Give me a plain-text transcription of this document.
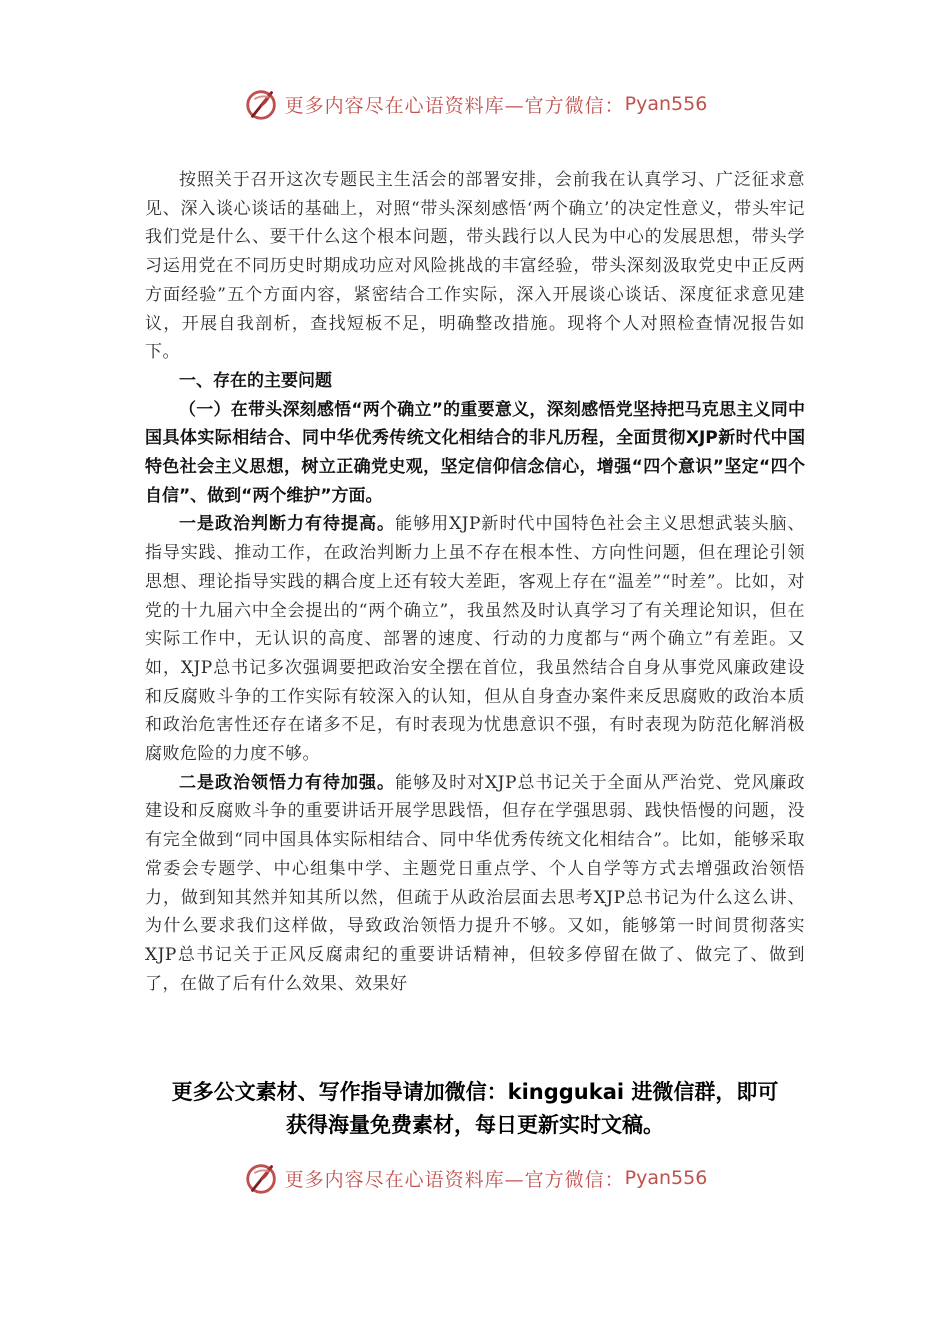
更多内容尽在心语资料库—官方微信： Pyan556

按照关于召开这次专题民主生活会的部署安排，会前我在认真学习、广泛征求意见、深入谈心谈话的基础上，对照“带头深刻感悟‘两个确立’的决定性意义，带头牢记我们党是什么、要干什么这个根本问题，带头践行以人民为中心的发展思想，带头学习运用党在不同历史时期成功应对风险挑战的丰富经验，带头深刻汲取党史中正反两方面经验”五个方面内容，紧密结合工作实际，深入开展谈心谈话、深度征求意见建议，开展自我剖析，查找短板不足，明确整改措施。现将个人对照检查情况报告如下。

一、存在的主要问题

（一）在带头深刻感悟“两个确立”的重要意义，深刻感悟党坚持把马克思主义同中国具体实际相结合、同中华优秀传统文化相结合的非凡历程，全面贯彻XJP新时代中国特色社会主义思想，树立正确党史观，坚定信仰信念信心，增强“四个意识”坚定“四个自信”、做到“两个维护”方面。

一是政治判断力有待提高。能够用XJP新时代中国特色社会主义思想武装头脑、指导实践、推动工作，在政治判断力上虽不存在根本性、方向性问题，但在理论引领思想、理论指导实践的耦合度上还有较大差距，客观上存在“温差”“时差”。比如，对党的十九届六中全会提出的“两个确立”，我虽然及时认真学习了有关理论知识，但在实际工作中，无认识的高度、部署的速度、行动的力度都与“两个确立”有差距。又如，XJP总书记多次强调要把政治安全摆在首位，我虽然结合自身从事党风廉政建设和反腐败斗争的工作实际有较深入的认知，但从自身查办案件来反思腐败的政治本质和政治危害性还存在诸多不足，有时表现为忧患意识不强，有时表现为防范化解消极腐败危险的力度不够。

二是政治领悟力有待加强。能够及时对XJP总书记关于全面从严治党、党风廉政建设和反腐败斗争的重要讲话开展学思践悟，但存在学强思弱、践快悟慢的问题，没有完全做到“同中国具体实际相结合、同中华优秀传统文化相结合”。比如，能够采取常委会专题学、中心组集中学、主题党日重点学、个人自学等方式去增强政治领悟力，做到知其然并知其所以然，但疏于从政治层面去思考XJP总书记为什么这么讲、为什么要求我们这样做，导致政治领悟力提升不够。又如，能够第一时间贯彻落实XJP总书记关于正风反腐肃纪的重要讲话精神，但较多停留在做了、做完了、做到了，在做了后有什么效果、效果好

更多公文素材、写作指导请加微信：kinggukai 进微信群，即可
获得海量免费素材，每日更新实时文稿。
更多内容尽在心语资料库—官方微信： Pyan556
